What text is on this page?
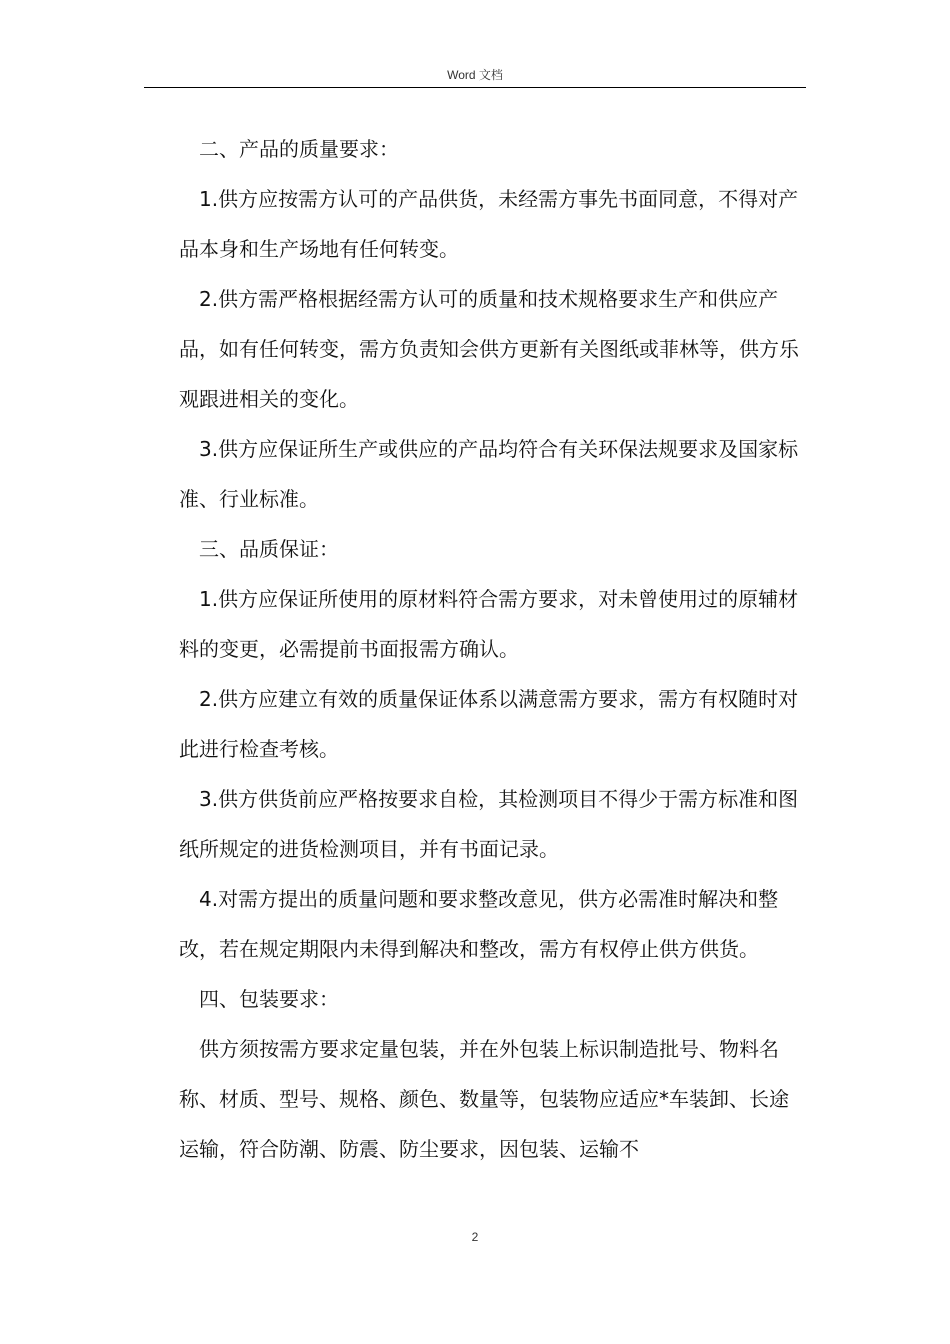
Word 文档

二、产品的质量要求：

1.供方应按需方认可的产品供货，未经需方事先书面同意，不得对产品本身和生产场地有任何转变。

2.供方需严格根据经需方认可的质量和技术规格要求生产和供应产品，如有任何转变，需方负责知会供方更新有关图纸或菲林等，供方乐观跟进相关的变化。

3.供方应保证所生产或供应的产品均符合有关环保法规要求及国家标准、行业标准。

三、品质保证：

1.供方应保证所使用的原材料符合需方要求，对未曾使用过的原辅材料的变更，必需提前书面报需方确认。

2.供方应建立有效的质量保证体系以满意需方要求，需方有权随时对此进行检查考核。

3.供方供货前应严格按要求自检，其检测项目不得少于需方标准和图纸所规定的进货检测项目，并有书面记录。

4.对需方提出的质量问题和要求整改意见，供方必需准时解决和整改，若在规定期限内未得到解决和整改，需方有权停止供方供货。

四、包装要求：

供方须按需方要求定量包装，并在外包装上标识制造批号、物料名称、材质、型号、规格、颜色、数量等，包装物应适应*车装卸、长途运输，符合防潮、防震、防尘要求，因包装、运输不

2
